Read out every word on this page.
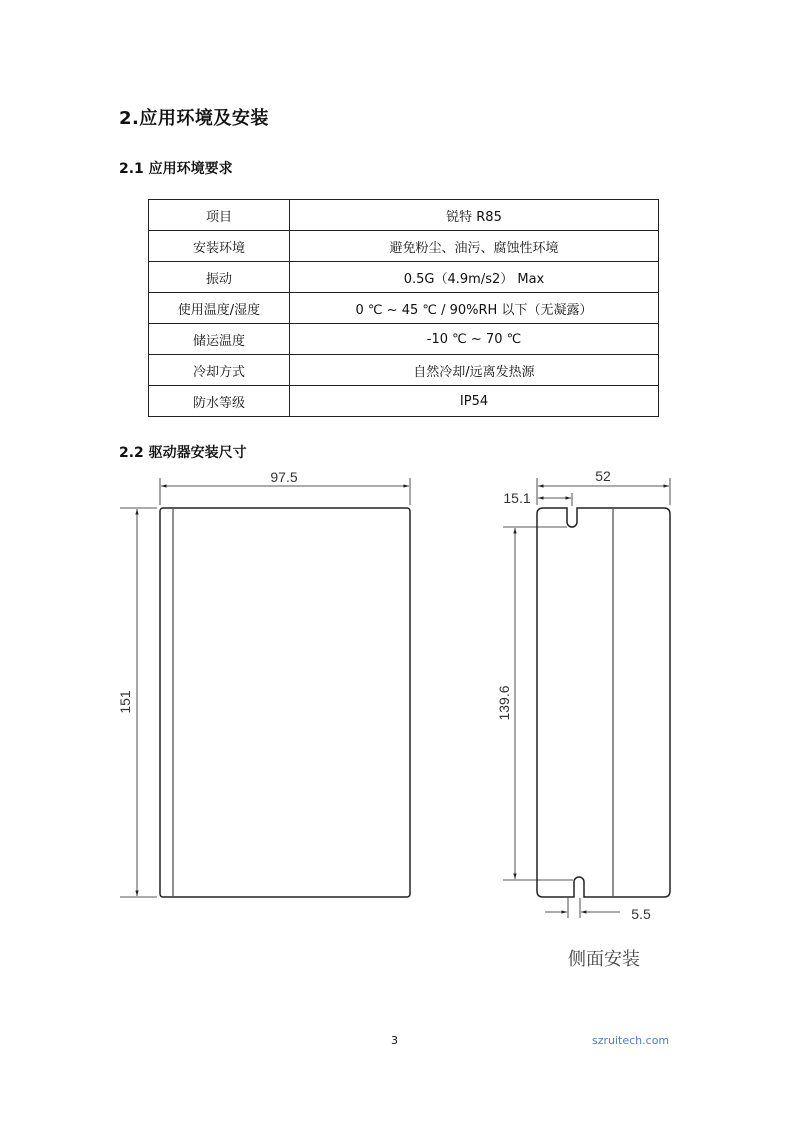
2.应用环境及安装
2.1 应用环境要求
项目	锐特 R85
安装环境	避免粉尘、油污、腐蚀性环境
振动	0.5G（4.9m/s2） Max
使用温度/湿度	0 ℃ ~ 45 ℃ / 90%RH 以下（无凝露）
储运温度	-10 ℃ ~ 70 ℃
冷却方式	自然冷却/远离发热源
防水等级	IP54
2.2 驱动器安装尺寸
97.5
151
52
15.1
139.6
5.5
侧面安装
3	szruitech.com
